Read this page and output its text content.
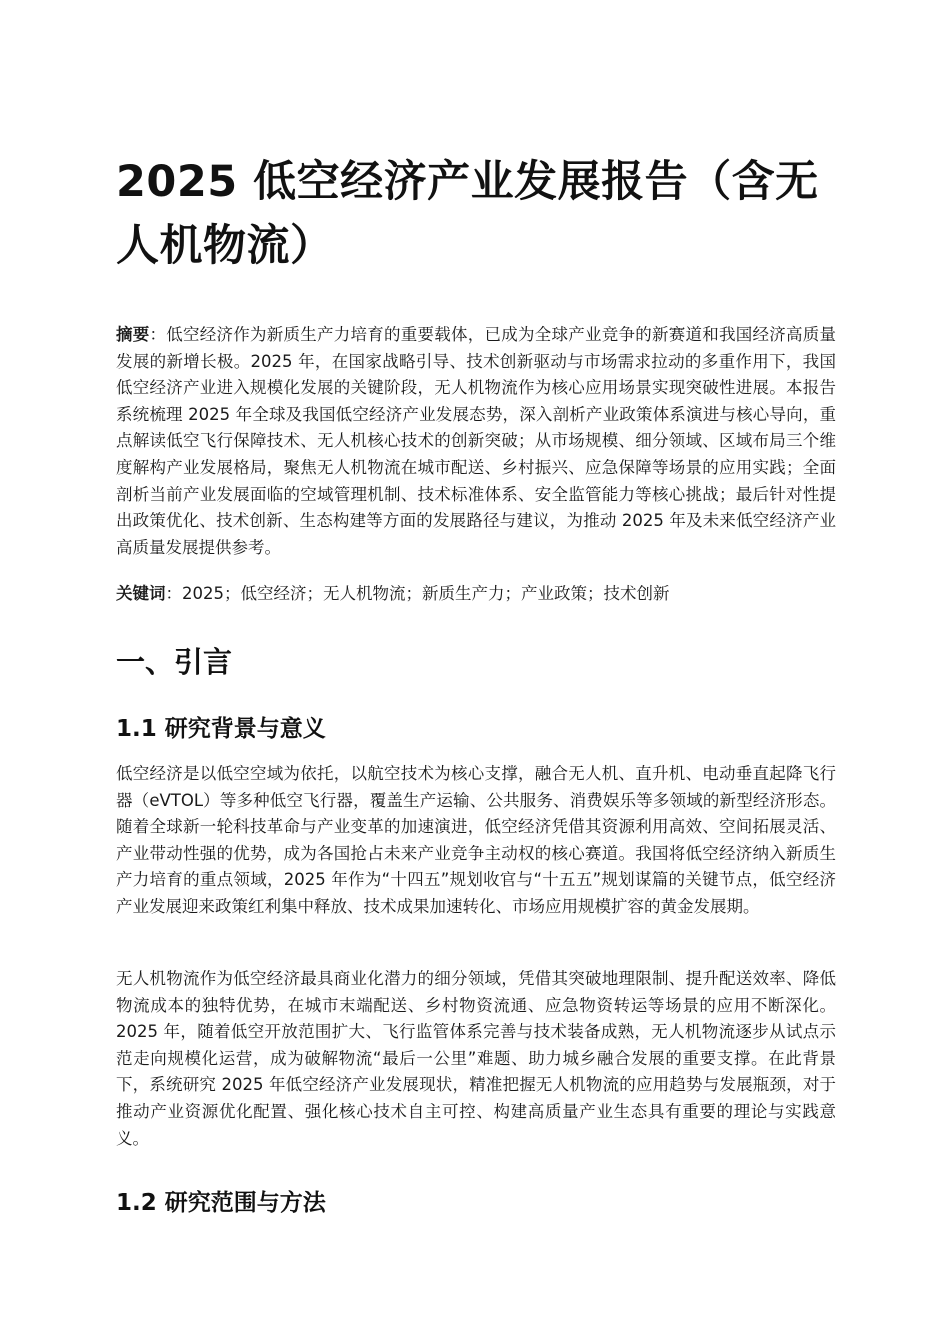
2025 低空经济产业发展报告（含无人机物流）

摘要：低空经济作为新质生产力培育的重要载体，已成为全球产业竞争的新赛道和我国经济高质量发展的新增长极。2025 年，在国家战略引导、技术创新驱动与市场需求拉动的多重作用下，我国低空经济产业进入规模化发展的关键阶段，无人机物流作为核心应用场景实现突破性进展。本报告系统梳理 2025 年全球及我国低空经济产业发展态势，深入剖析产业政策体系演进与核心导向，重点解读低空飞行保障技术、无人机核心技术的创新突破；从市场规模、细分领域、区域布局三个维度解构产业发展格局，聚焦无人机物流在城市配送、乡村振兴、应急保障等场景的应用实践；全面剖析当前产业发展面临的空域管理机制、技术标准体系、安全监管能力等核心挑战；最后针对性提出政策优化、技术创新、生态构建等方面的发展路径与建议，为推动 2025 年及未来低空经济产业高质量发展提供参考。

关键词：2025；低空经济；无人机物流；新质生产力；产业政策；技术创新

一、引言
1.1 研究背景与意义

低空经济是以低空空域为依托，以航空技术为核心支撑，融合无人机、直升机、电动垂直起降飞行器（eVTOL）等多种低空飞行器，覆盖生产运输、公共服务、消费娱乐等多领域的新型经济形态。随着全球新一轮科技革命与产业变革的加速演进，低空经济凭借其资源利用高效、空间拓展灵活、产业带动性强的优势，成为各国抢占未来产业竞争主动权的核心赛道。我国将低空经济纳入新质生产力培育的重点领域，2025 年作为“十四五”规划收官与“十五五”规划谋篇的关键节点，低空经济产业发展迎来政策红利集中释放、技术成果加速转化、市场应用规模扩容的黄金发展期。

无人机物流作为低空经济最具商业化潜力的细分领域，凭借其突破地理限制、提升配送效率、降低物流成本的独特优势，在城市末端配送、乡村物资流通、应急物资转运等场景的应用不断深化。2025 年，随着低空开放范围扩大、飞行监管体系完善与技术装备成熟，无人机物流逐步从试点示范走向规模化运营，成为破解物流“最后一公里”难题、助力城乡融合发展的重要支撑。在此背景下，系统研究 2025 年低空经济产业发展现状，精准把握无人机物流的应用趋势与发展瓶颈，对于推动产业资源优化配置、强化核心技术自主可控、构建高质量产业生态具有重要的理论与实践意义。

1.2 研究范围与方法
